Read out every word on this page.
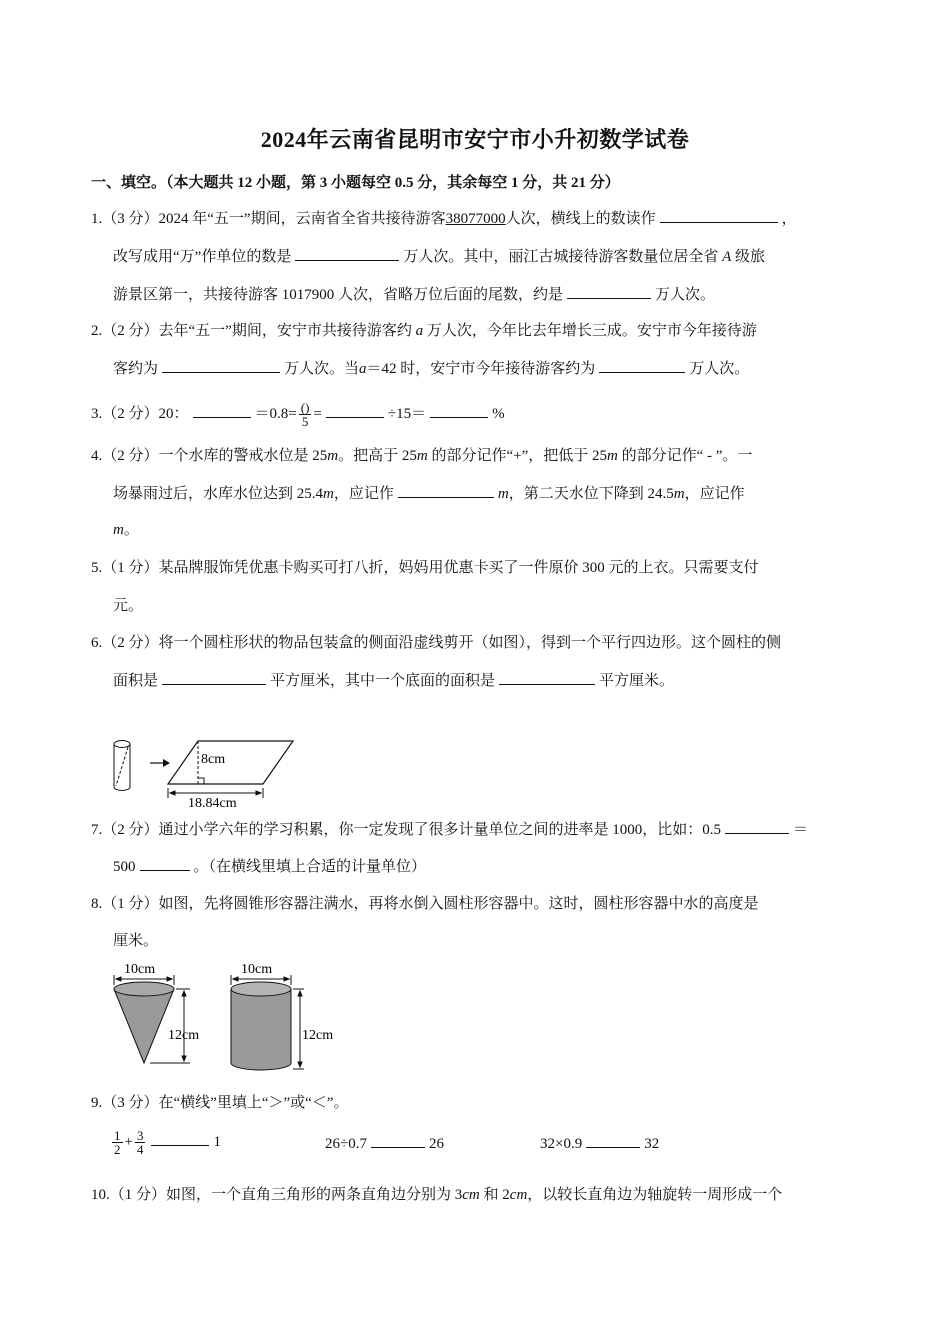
2024年云南省昆明市安宁市小升初数学试卷
一、填空。（本大题共 12 小题，第 3 小题每空 0.5 分，其余每空 1 分，共 21 分）
1.（3 分）2024 年“五一”期间，云南省全省共接待游客38077000人次，横线上的数读作	，
改写成用“万”作单位的数是	万人次。其中，丽江古城接待游客数量位居全省 A 级旅
游景区第一，共接待游客 1017900 人次，省略万位后面的尾数，约是	万人次。
2.（2 分）去年“五一”期间，安宁市共接待游客约 a 万人次，今年比去年增长三成。安宁市今年接待游
客约为	万人次。当a＝42 时，安宁市今年接待游客约为	万人次。
3.（2 分）20：	$=0.8= \frac{()}{5}$ =	÷15＝	%
4.（2 分）一个水库的警戒水位是 25m。把高于 25m 的部分记作“+”，把低于 25m 的部分记作“ - ”。一
场暴雨过后，水库水位达到 25.4m，应记作	m，第二天水位下降到 24.5m，应记作
m。
5.（1 分）某品牌服饰凭优惠卡购买可打八折，妈妈用优惠卡买了一件原价 300 元的上衣。只需要支付
元。
6.（2 分）将一个圆柱形状的物品包装盒的侧面沿虚线剪开（如图），得到一个平行四边形。这个圆柱的侧
面积是	平方厘米，其中一个底面的面积是	平方厘米。
8cm
18.84cm
7.（2 分）通过小学六年的学习积累，你一定发现了很多计量单位之间的进率是 1000，比如：0.5	＝
500	。（在横线里填上合适的计量单位）
8.（1 分）如图，先将圆锥形容器注满水，再将水倒入圆柱形容器中。这时，圆柱形容器中水的高度是
厘米。
10cm
12cm
10cm
12cm
9.（3 分）在“横线”里填上“＞”或“＜”。
$\frac{1}{2} + \frac{3}{4}$	1	26÷0.7	26	32×0.9	32
10.（1 分）如图，一个直角三角形的两条直角边分别为 3cm 和 2cm，以较长直角边为轴旋转一周形成一个
